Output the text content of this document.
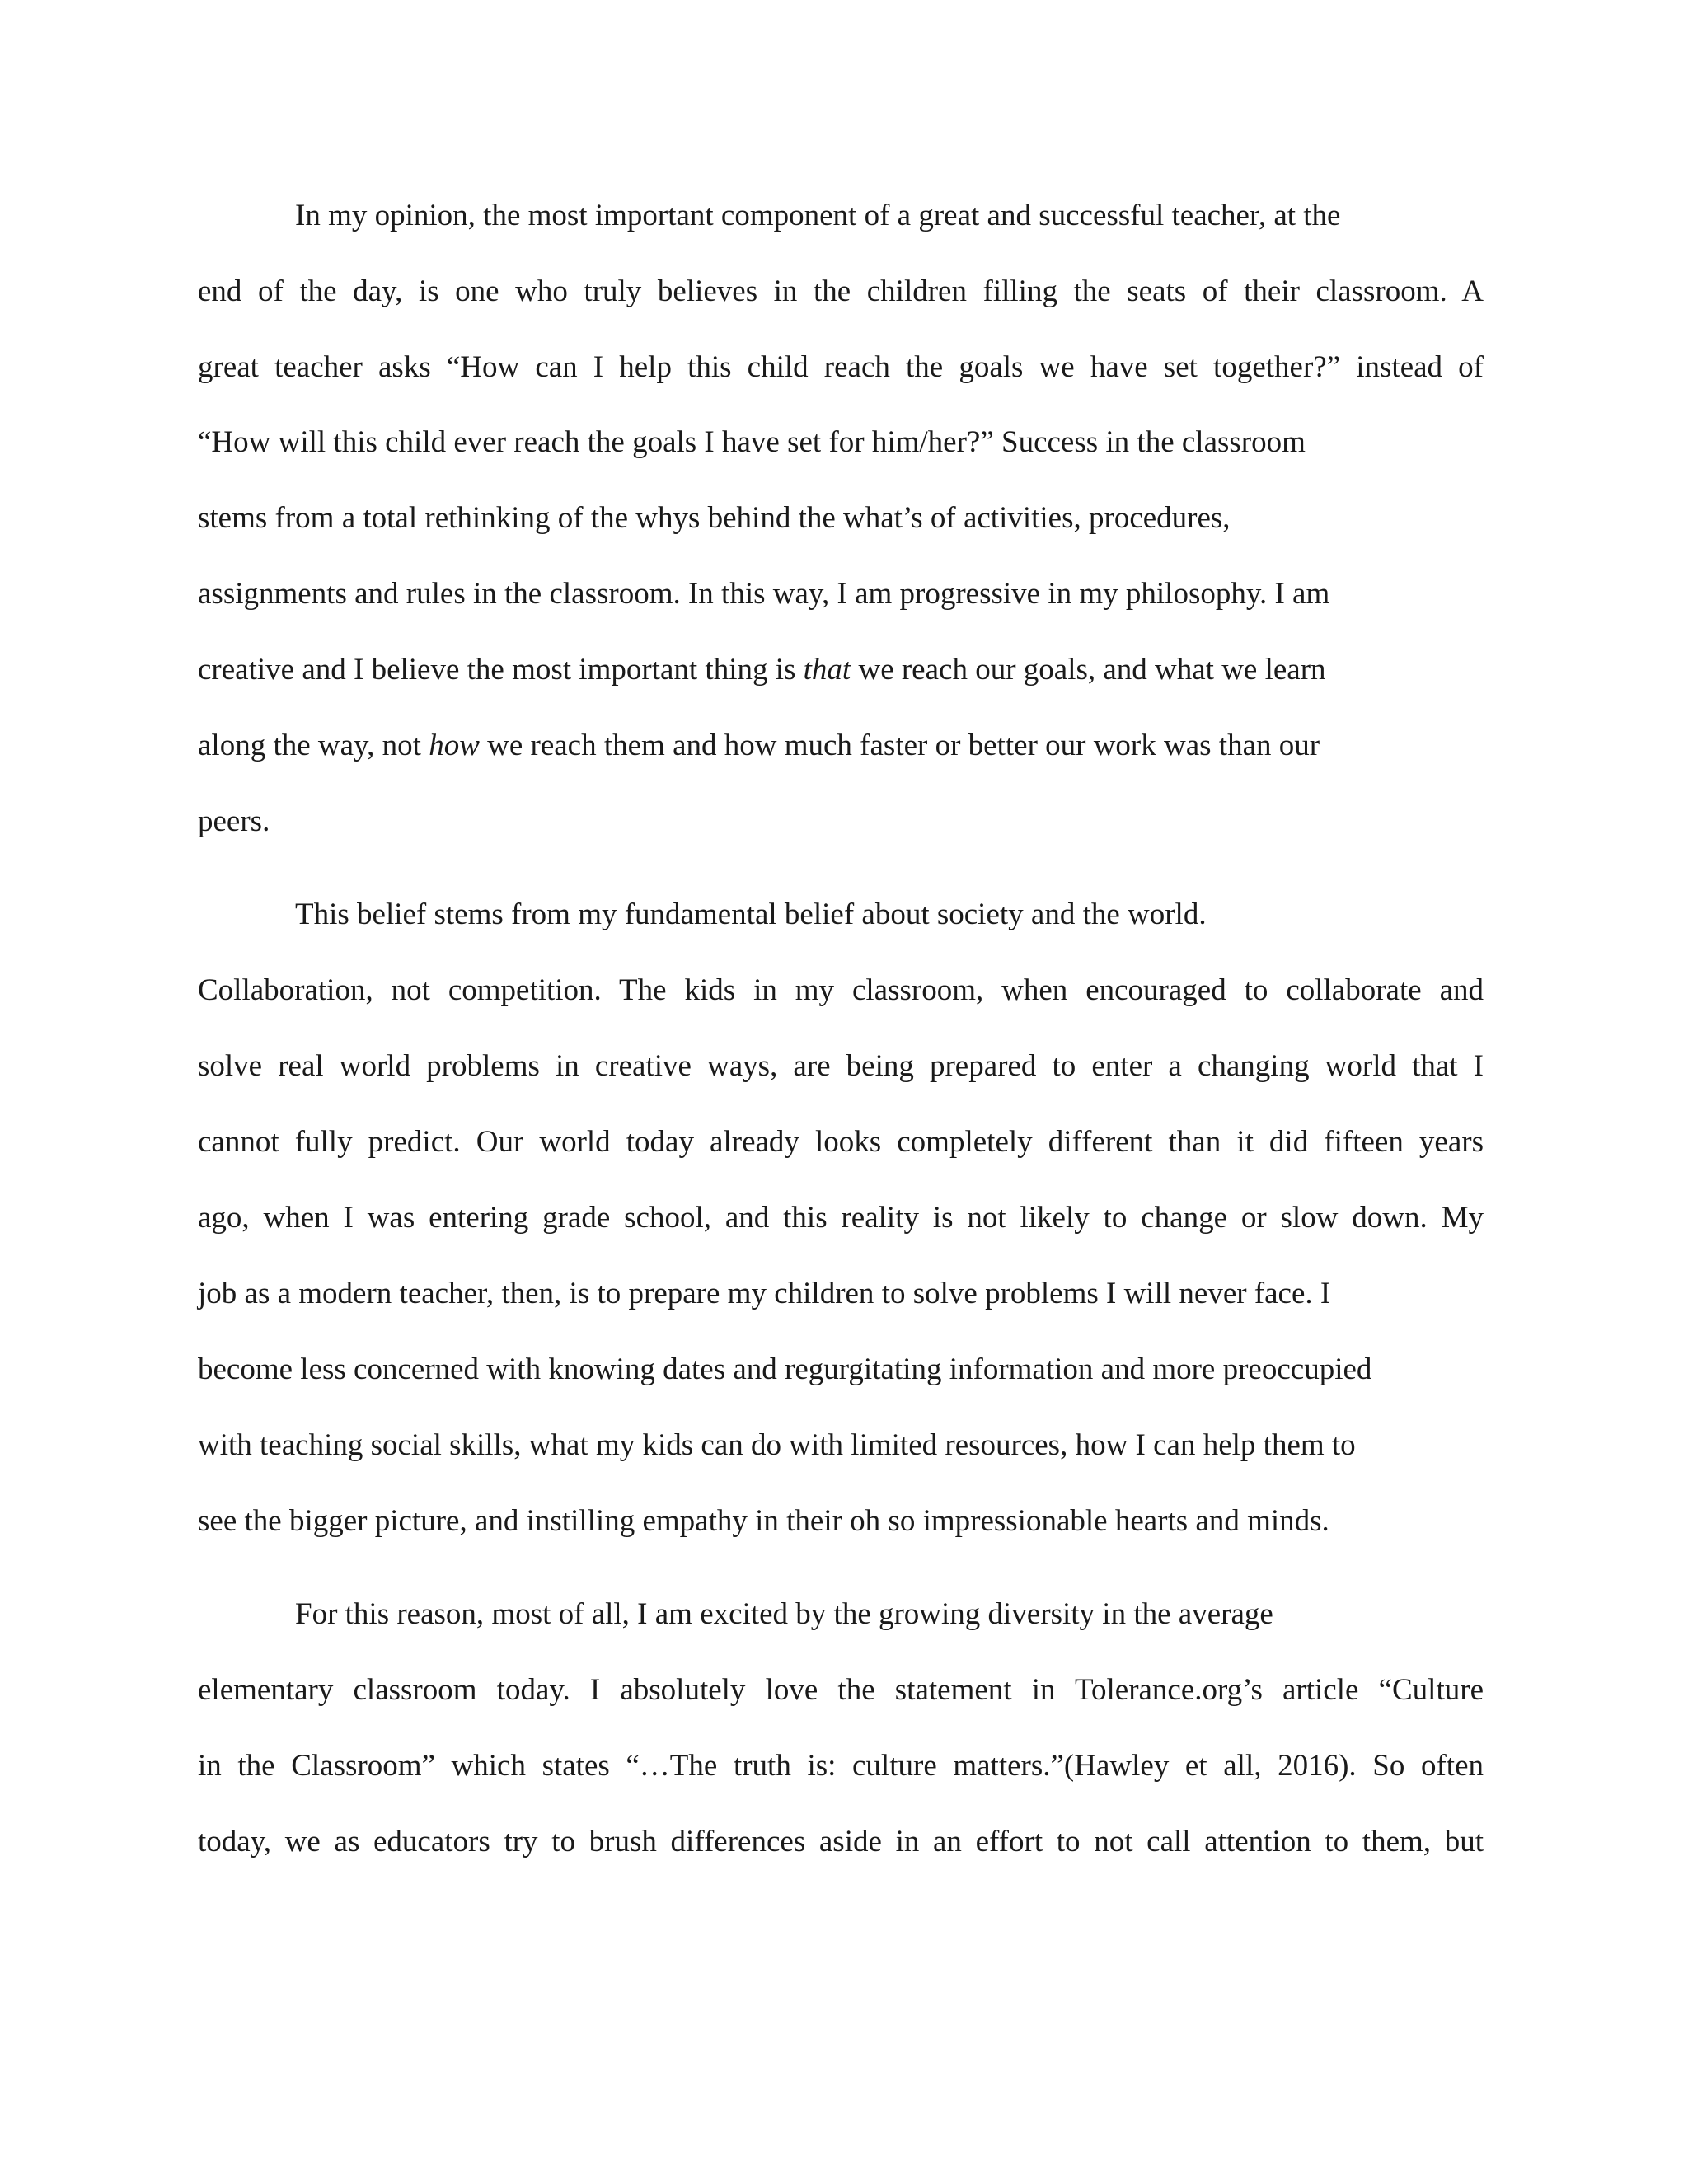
In my opinion, the most important component of a great and successful teacher, at the

end of the day, is one who truly believes in the children filling the seats of their classroom. A

great teacher asks “How can I help this child reach the goals we have set together?” instead of

“How will this child ever reach the goals I have set for him/her?” Success in the classroom

stems from a total rethinking of the whys behind the what’s of activities, procedures,

assignments and rules in the classroom. In this way, I am progressive in my philosophy. I am

creative and I believe the most important thing is that we reach our goals, and what we learn

along the way, not how we reach them and how much faster or better our work was than our

peers.

This belief stems from my fundamental belief about society and the world.

Collaboration, not competition. The kids in my classroom, when encouraged to collaborate and

solve real world problems in creative ways, are being prepared to enter a changing world that I

cannot fully predict. Our world today already looks completely different than it did fifteen years

ago, when I was entering grade school, and this reality is not likely to change or slow down. My

job as a modern teacher, then, is to prepare my children to solve problems I will never face. I

become less concerned with knowing dates and regurgitating information and more preoccupied

with teaching social skills, what my kids can do with limited resources, how I can help them to

see the bigger picture, and instilling empathy in their oh so impressionable hearts and minds.

For this reason, most of all, I am excited by the growing diversity in the average

elementary classroom today. I absolutely love the statement in Tolerance.org’s article “Culture

in the Classroom” which states “…The truth is: culture matters.”(Hawley et all, 2016). So often

today, we as educators try to brush differences aside in an effort to not call attention to them, but
